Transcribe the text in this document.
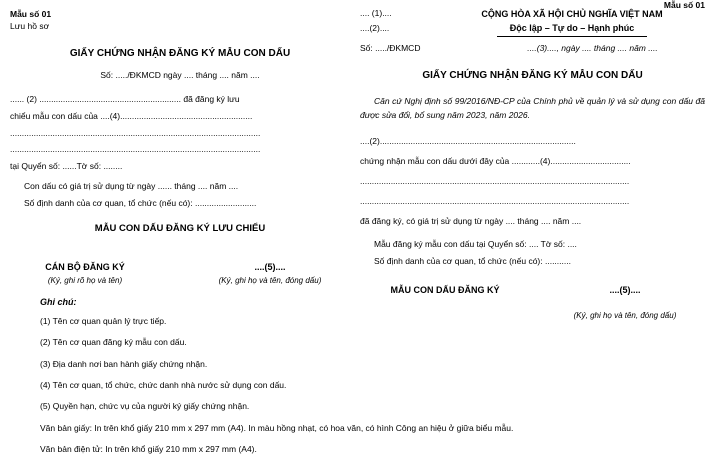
Mẫu số 01
Lưu hồ sơ
GIẤY CHỨNG NHẬN ĐĂNG KÝ MẪU CON DẤU
Số: ...../ĐKMCD ngày .... tháng .... năm ....
...... (2) ............................................................ đã đăng ký lưu
chiểu mẫu con dấu của ....(4)........................................................
..........................................................................................................
..........................................................................................................
tại Quyển số: ......Tờ số: ........
Con dấu có giá trị sử dụng từ ngày ...... tháng .... năm ....
Số định danh của cơ quan, tổ chức (nếu có): ..........................
MẪU CON DẤU ĐĂNG KÝ LƯU CHIỂU
CÁN BỘ ĐĂNG KÝ
(Ký, ghi rõ họ và tên)
....(5)....
(Ký, ghi họ và tên, đóng dấu)
.... (1)....
....(2)....
CỘNG HÒA XÃ HỘI CHỦ NGHĨA VIỆT NAM
Độc lập – Tự do – Hạnh phúc
Mẫu số 01
Số: ...../ĐKMCD	....(3)...., ngày .... tháng .... năm ....
GIẤY CHỨNG NHẬN ĐĂNG KÝ MẪU CON DẤU
Căn cứ Nghị định số 99/2016/NĐ-CP của Chính phủ về quản lý và sử dụng con dấu đã được sửa đổi, bổ sung năm 2023, năm 2026.
....(2)...................................................................................
chứng nhận mẫu con dấu dưới đây của ............(4)..................................
..................................................................................................................
..................................................................................................................
đã đăng ký, có giá trị sử dụng từ ngày .... tháng .... năm ....
Mẫu đăng ký mẫu con dấu tại Quyển số: .... Tờ số: ....
Số định danh của cơ quan, tổ chức (nếu có): ...........
MẪU CON DẤU ĐĂNG KÝ	....(5)....
(Ký, ghi họ và tên, đóng dấu)
Ghi chú:
(1) Tên cơ quan quản lý trực tiếp.
(2) Tên cơ quan đăng ký mẫu con dấu.
(3) Địa danh nơi ban hành giấy chứng nhận.
(4) Tên cơ quan, tổ chức, chức danh nhà nước sử dụng con dấu.
(5) Quyền hạn, chức vụ của người ký giấy chứng nhận.
Văn bản giấy: In trên khổ giấy 210 mm x 297 mm (A4). In màu hồng nhạt, có hoa văn, có hình Công an hiệu ở giữa biểu mẫu.
Văn bản điện tử: In trên khổ giấy 210 mm x 297 mm (A4).
